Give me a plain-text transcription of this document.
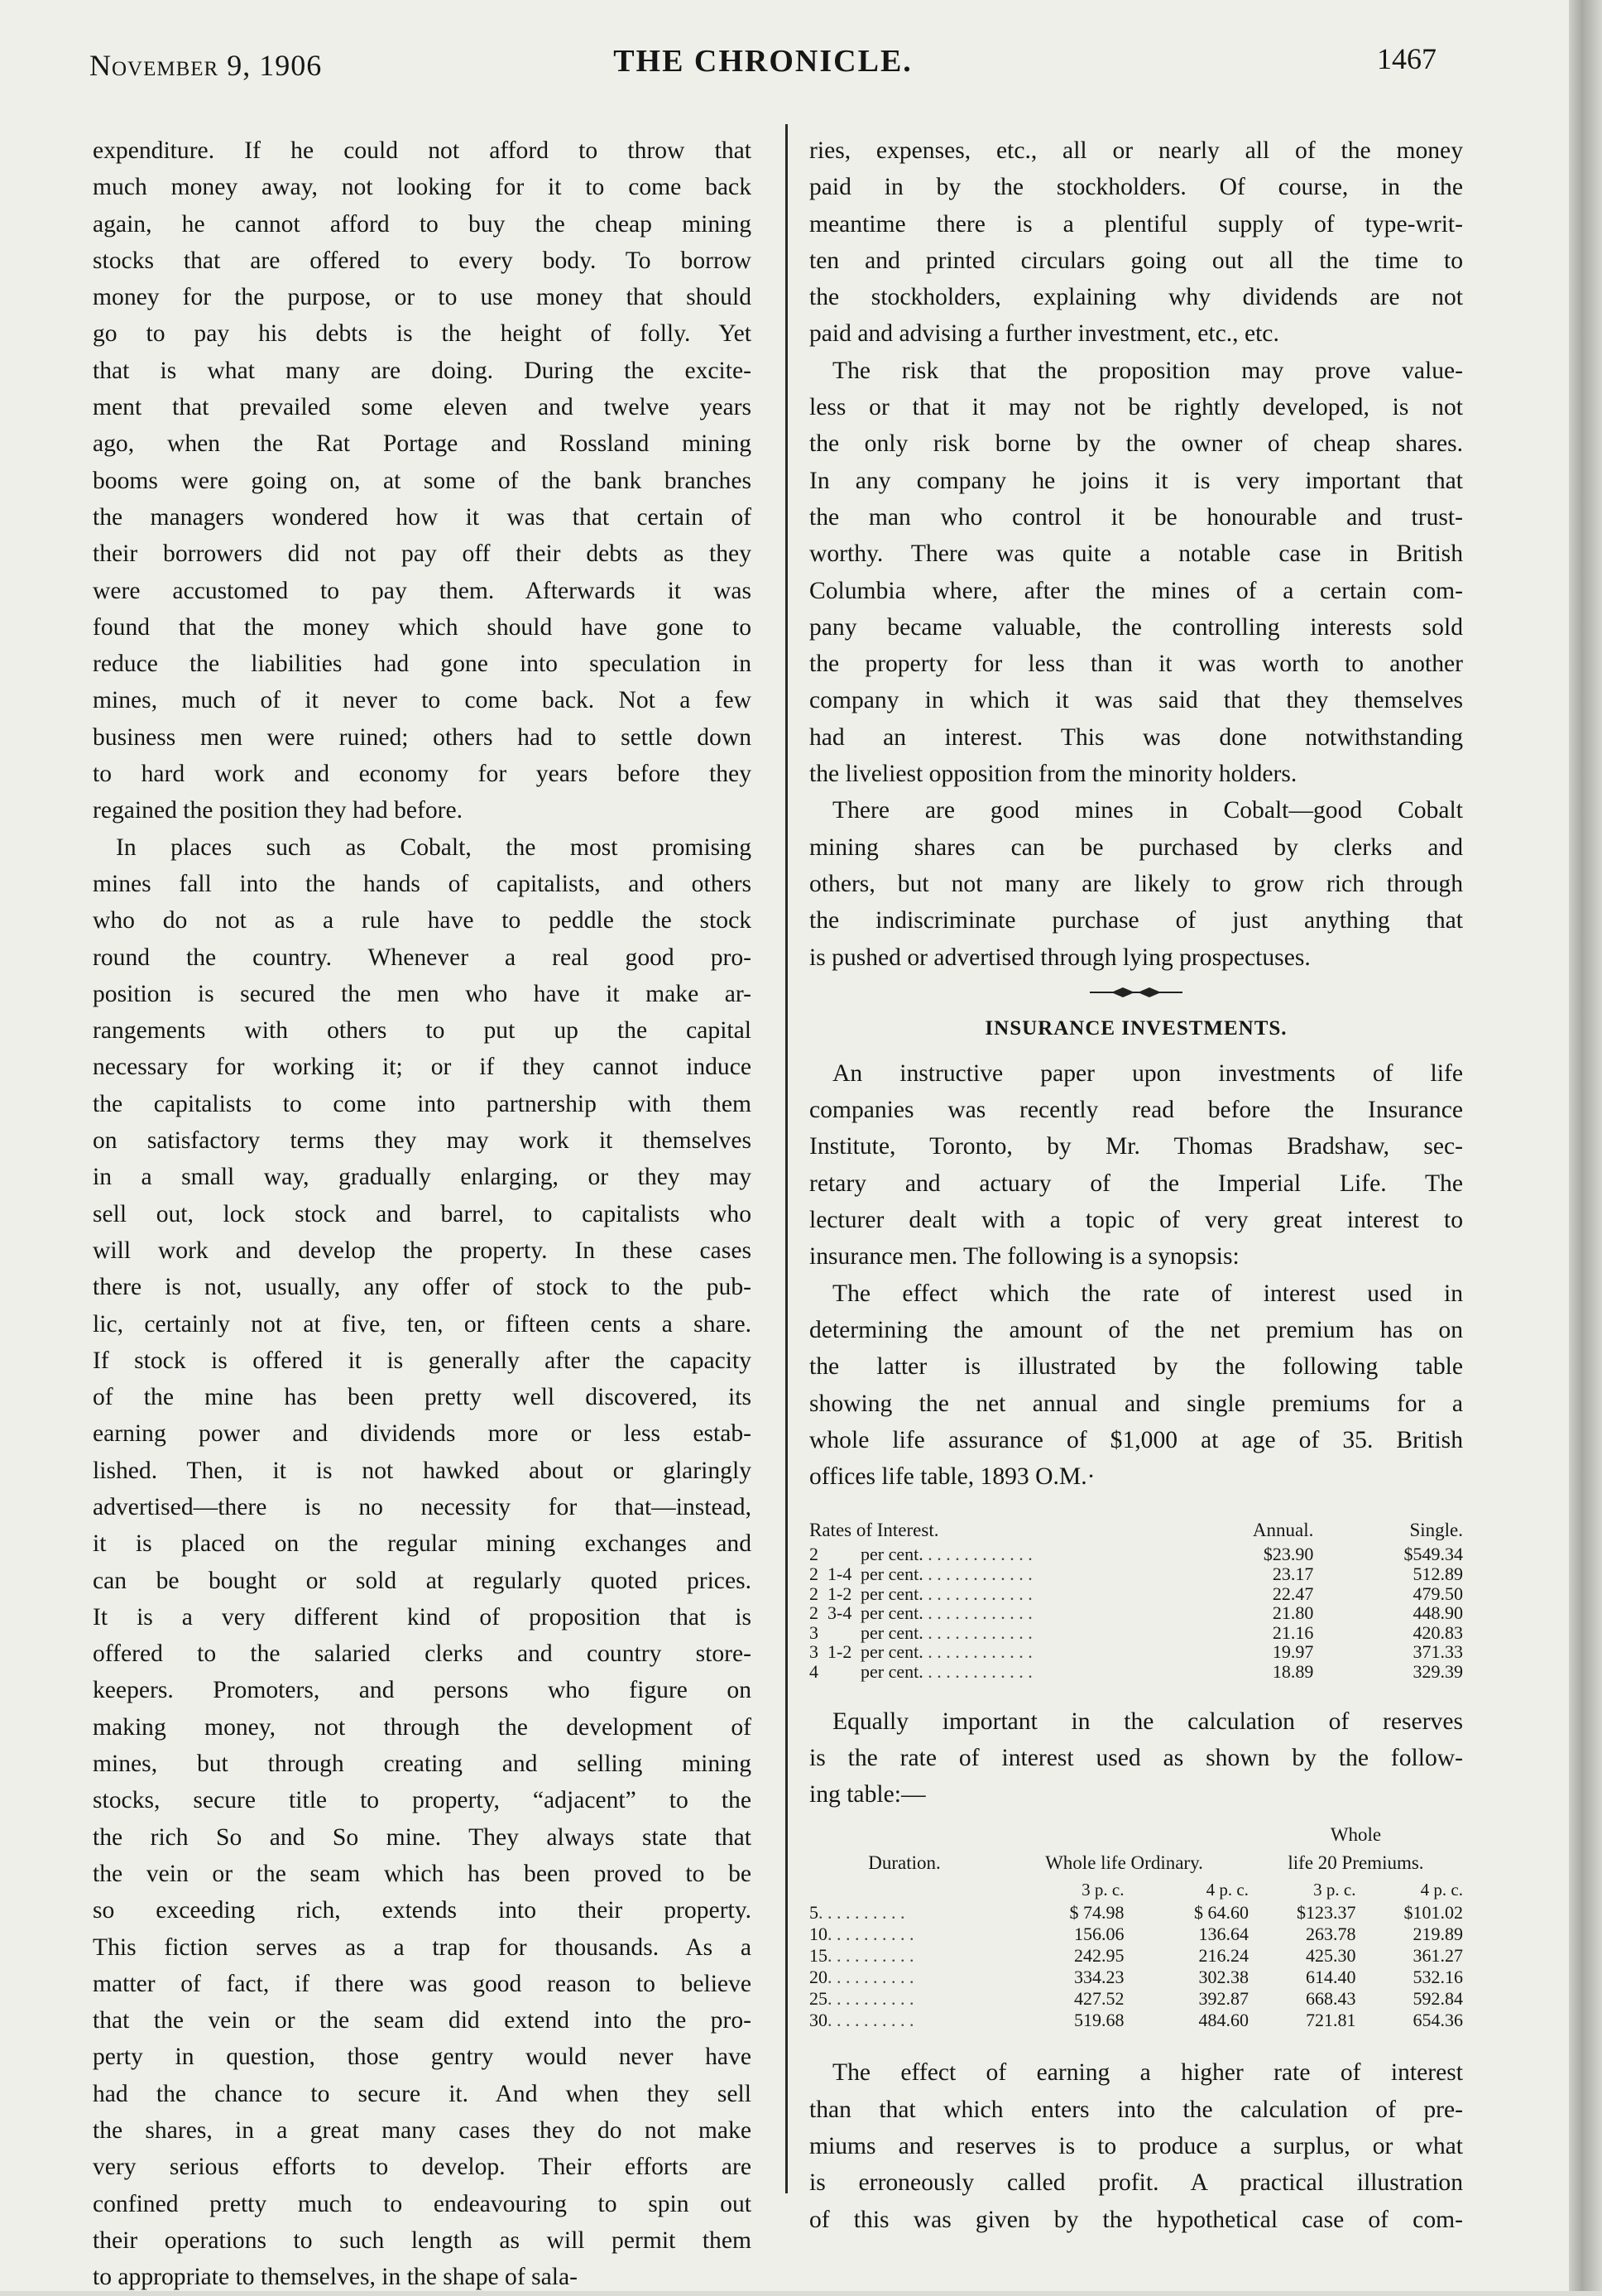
November 9, 1906	THE CHRONICLE.	1467

expenditure. If he could not afford to throw that

much money away, not looking for it to come back

again, he cannot afford to buy the cheap mining

stocks that are offered to every body. To borrow

money for the purpose, or to use money that should

go to pay his debts is the height of folly. Yet

that is what many are doing. During the excite-

ment that prevailed some eleven and twelve years

ago, when the Rat Portage and Rossland mining

booms were going on, at some of the bank branches

the managers wondered how it was that certain of

their borrowers did not pay off their debts as they

were accustomed to pay them. Afterwards it was

found that the money which should have gone to

reduce the liabilities had gone into speculation in

mines, much of it never to come back. Not a few

business men were ruined; others had to settle down

to hard work and economy for years before they

regained the position they had before.

In places such as Cobalt, the most promising

mines fall into the hands of capitalists, and others

who do not as a rule have to peddle the stock

round the country. Whenever a real good pro-

position is secured the men who have it make ar-

rangements with others to put up the capital

necessary for working it; or if they cannot induce

the capitalists to come into partnership with them

on satisfactory terms they may work it themselves

in a small way, gradually enlarging, or they may

sell out, lock stock and barrel, to capitalists who

will work and develop the property. In these cases

there is not, usually, any offer of stock to the pub-

lic, certainly not at five, ten, or fifteen cents a share.

If stock is offered it is generally after the capacity

of the mine has been pretty well discovered, its

earning power and dividends more or less estab-

lished. Then, it is not hawked about or glaringly

advertised—there is no necessity for that—instead,

it is placed on the regular mining exchanges and

can be bought or sold at regularly quoted prices.

It is a very different kind of proposition that is

offered to the salaried clerks and country store-

keepers. Promoters, and persons who figure on

making money, not through the development of

mines, but through creating and selling mining

stocks, secure title to property, “adjacent” to the

the rich So and So mine. They always state that

the vein or the seam which has been proved to be

so exceeding rich, extends into their property.

This fiction serves as a trap for thousands. As a

matter of fact, if there was good reason to believe

that the vein or the seam did extend into the pro-

perty in question, those gentry would never have

had the chance to secure it. And when they sell

the shares, in a great many cases they do not make

very serious efforts to develop. Their efforts are

confined pretty much to endeavouring to spin out

their operations to such length as will permit them

to appropriate to themselves, in the shape of sala-

ries, expenses, etc., all or nearly all of the money

paid in by the stockholders. Of course, in the

meantime there is a plentiful supply of type-writ-

ten and printed circulars going out all the time to

the stockholders, explaining why dividends are not

paid and advising a further investment, etc., etc.

The risk that the proposition may prove value-

less or that it may not be rightly developed, is not

the only risk borne by the owner of cheap shares.

In any company he joins it is very important that

the man who control it be honourable and trust-

worthy. There was quite a notable case in British

Columbia where, after the mines of a certain com-

pany became valuable, the controlling interests sold

the property for less than it was worth to another

company in which it was said that they themselves

had an interest. This was done notwithstanding

the liveliest opposition from the minority holders.

There are good mines in Cobalt—good Cobalt

mining shares can be purchased by clerks and

others, but not many are likely to grow rich through

the indiscriminate purchase of just anything that

is pushed or advertised through lying prospectuses.

INSURANCE INVESTMENTS.

An instructive paper upon investments of life

companies was recently read before the Insurance

Institute, Toronto, by Mr. Thomas Bradshaw, sec-

retary and actuary of the Imperial Life. The

lecturer dealt with a topic of very great interest to

insurance men. The following is a synopsis:

The effect which the rate of interest used in

determining the amount of the net premium has on

the latter is illustrated by the following table

showing the net annual and single premiums for a

whole life assurance of $1,000 at age of 35. British

offices life table, 1893 O.M.·

Rates of Interest.			Annual.	Single.
2		per cent. . . . . . . . . . . . .	$23.90	$549.34
2	1-4	per cent. . . . . . . . . . . . .	23.17	512.89
2	1-2	per cent. . . . . . . . . . . . .	22.47	479.50
2	3-4	per cent. . . . . . . . . . . . .	21.80	448.90
3		per cent. . . . . . . . . . . . .	21.16	420.83
3	1-2	per cent. . . . . . . . . . . . .	19.97	371.33
4		per cent. . . . . . . . . . . . .	18.89	329.39

Equally important in the calculation of reserves

is the rate of interest used as shown by the follow-

ing table:—

			Whole	
Duration.	Whole life Ordinary.		life 20 Premiums.	
	3 p. c.	4 p. c.	3 p. c.	4 p. c.
5. . . . . . . . . .	$ 74.98	$ 64.60	$123.37	$101.02
10. . . . . . . . . .	156.06	136.64	263.78	219.89
15. . . . . . . . . .	242.95	216.24	425.30	361.27
20. . . . . . . . . .	334.23	302.38	614.40	532.16
25. . . . . . . . . .	427.52	392.87	668.43	592.84
30. . . . . . . . . .	519.68	484.60	721.81	654.36

The effect of earning a higher rate of interest

than that which enters into the calculation of pre-

miums and reserves is to produce a surplus, or what

is erroneously called profit. A practical illustration

of this was given by the hypothetical case of com-
